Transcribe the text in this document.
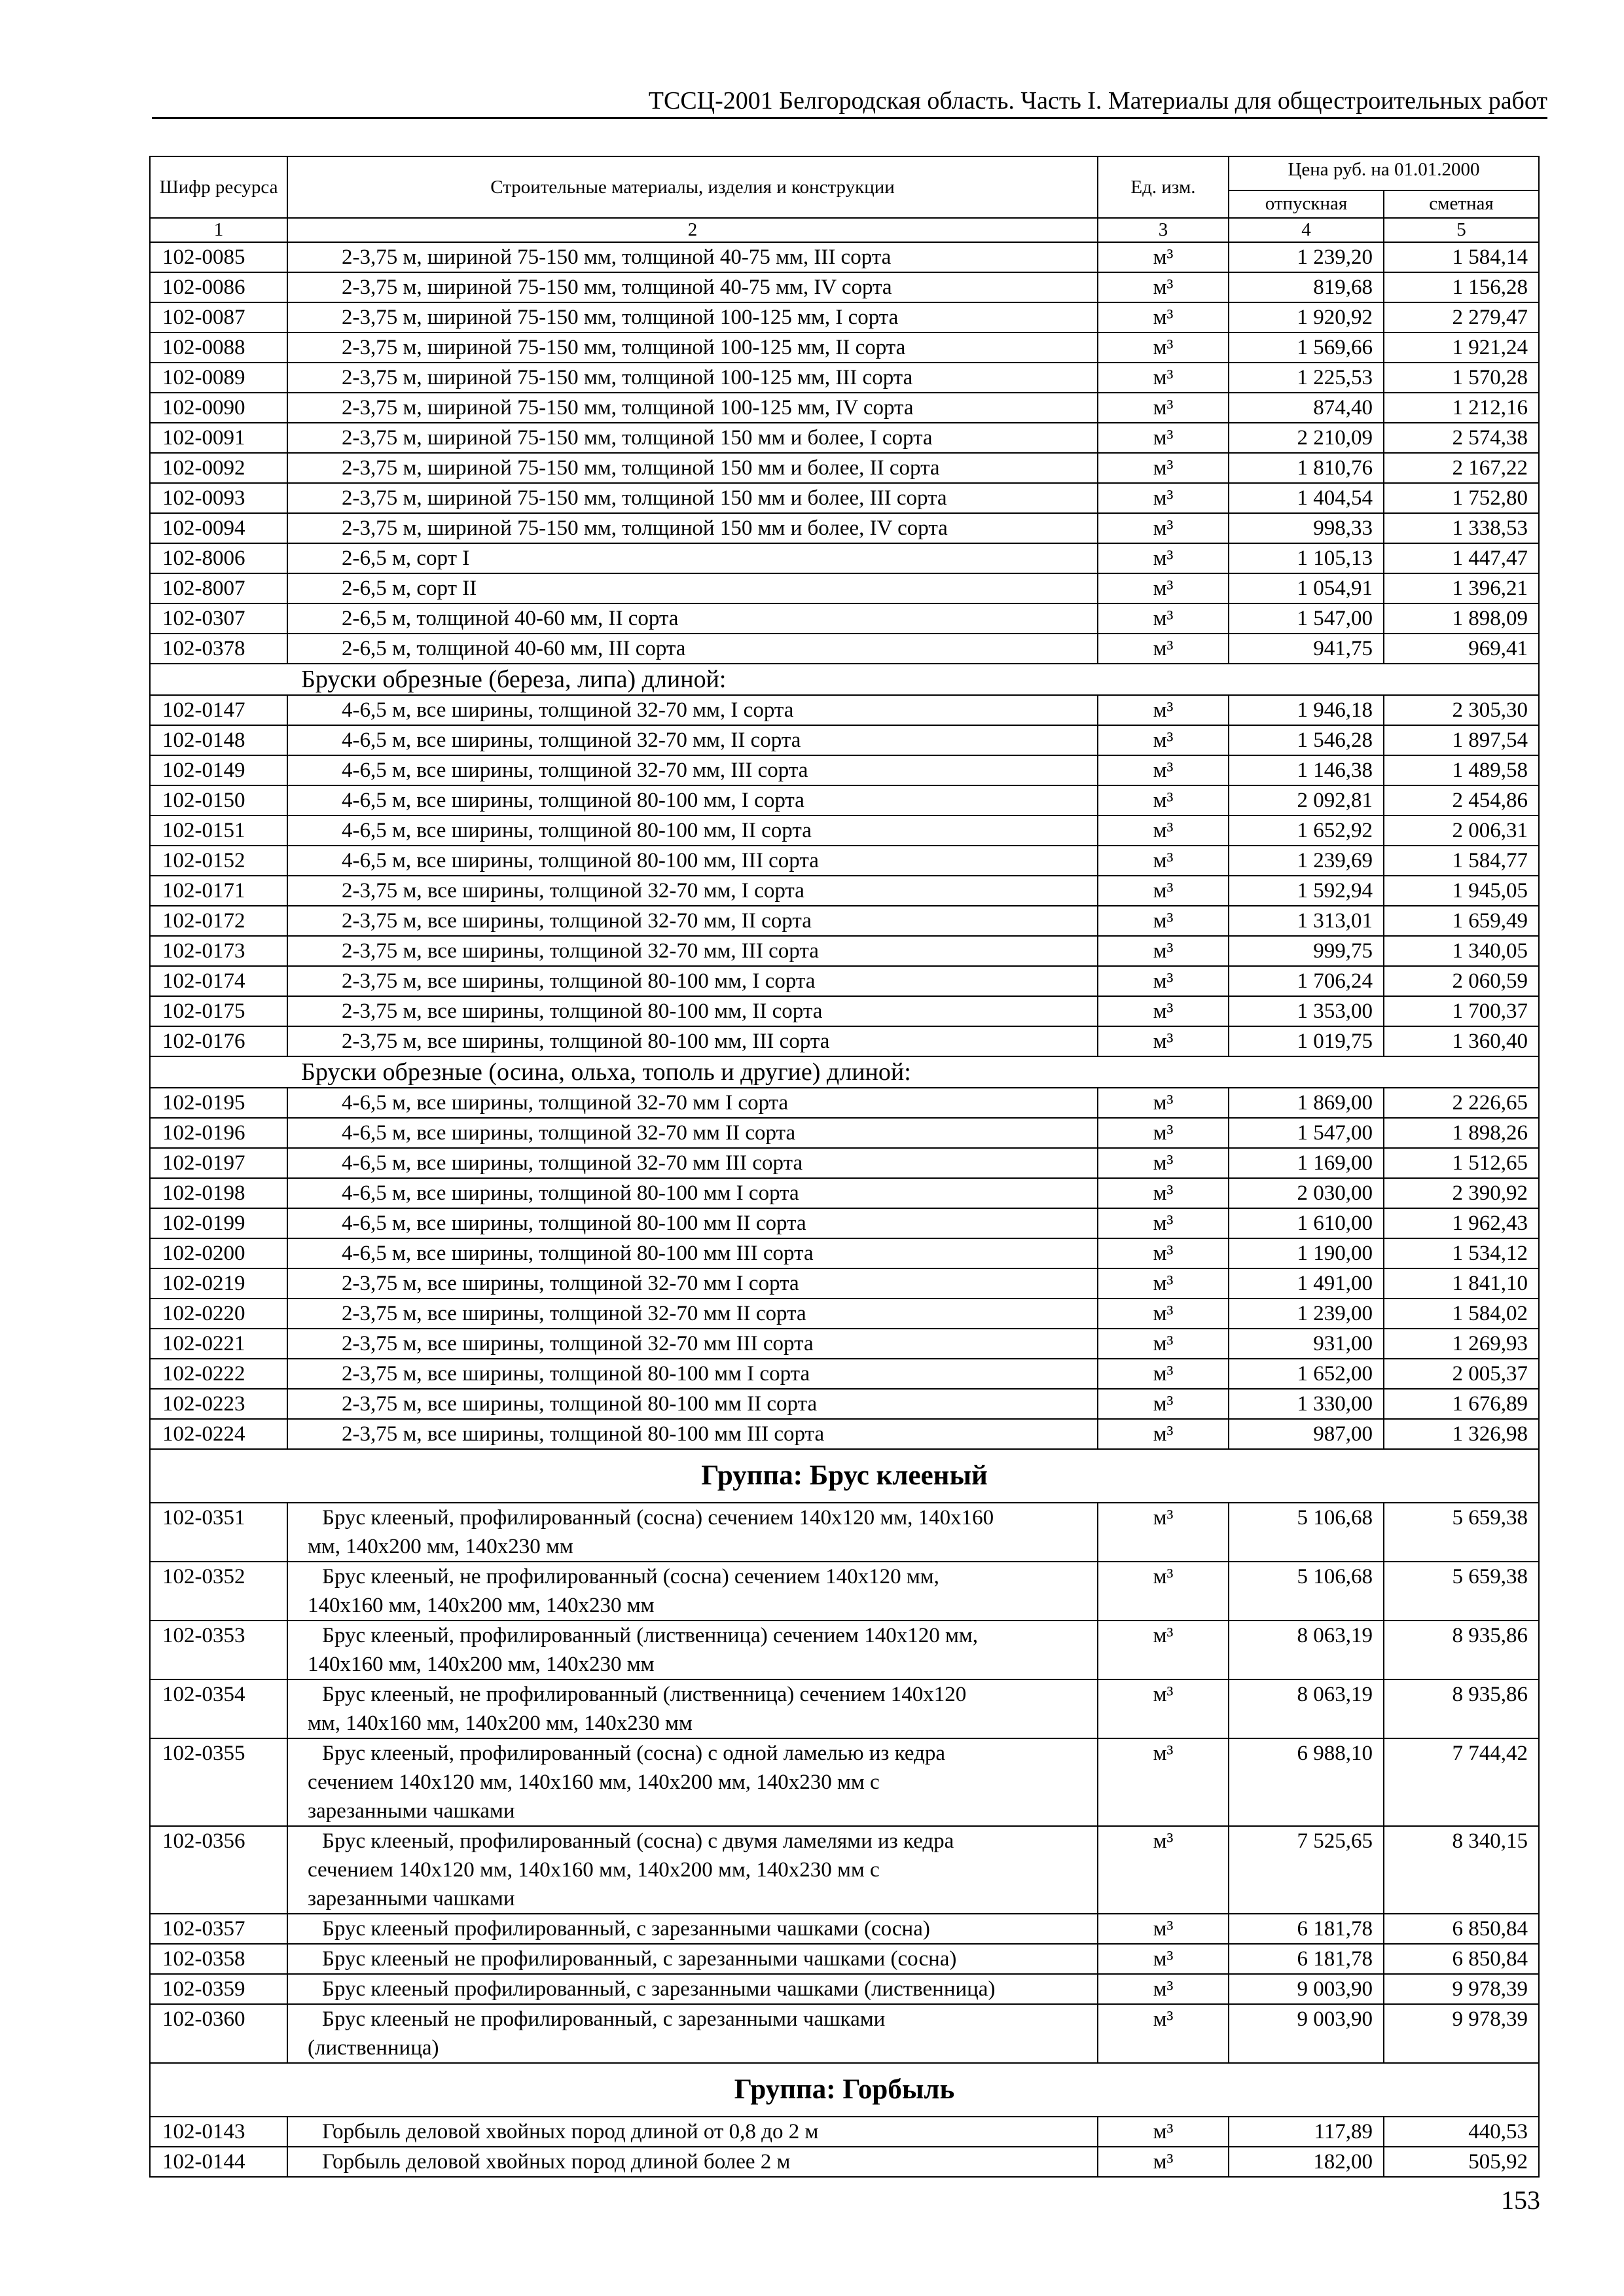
ТССЦ-2001 Белгородская область. Часть I. Материалы для общестроительных работ
Шифр ресурса	Строительные материалы, изделия и конструкции	Ед. изм.	Цена руб. на 01.01.2000	
			отпускная	сметная
1	2	3	4	5
102-0085	2-3,75 м, шириной 75-150 мм, толщиной 40-75 мм, III сорта	м³	1 239,20	1 584,14
102-0086	2-3,75 м, шириной 75-150 мм, толщиной 40-75 мм, IV сорта	м³	819,68	1 156,28
102-0087	2-3,75 м, шириной 75-150 мм, толщиной 100-125 мм, I сорта	м³	1 920,92	2 279,47
102-0088	2-3,75 м, шириной 75-150 мм, толщиной 100-125 мм, II сорта	м³	1 569,66	1 921,24
102-0089	2-3,75 м, шириной 75-150 мм, толщиной 100-125 мм, III сорта	м³	1 225,53	1 570,28
102-0090	2-3,75 м, шириной 75-150 мм, толщиной 100-125 мм, IV сорта	м³	874,40	1 212,16
102-0091	2-3,75 м, шириной 75-150 мм, толщиной 150 мм и более, I сорта	м³	2 210,09	2 574,38
102-0092	2-3,75 м, шириной 75-150 мм, толщиной 150 мм и более, II сорта	м³	1 810,76	2 167,22
102-0093	2-3,75 м, шириной 75-150 мм, толщиной 150 мм и более, III сорта	м³	1 404,54	1 752,80
102-0094	2-3,75 м, шириной 75-150 мм, толщиной 150 мм и более, IV сорта	м³	998,33	1 338,53
102-8006	2-6,5 м, сорт I	м³	1 105,13	1 447,47
102-8007	2-6,5 м, сорт II	м³	1 054,91	1 396,21
102-0307	2-6,5 м, толщиной 40-60 мм, II сорта	м³	1 547,00	1 898,09
102-0378	2-6,5 м, толщиной 40-60 мм, III сорта	м³	941,75	969,41
Бруски обрезные (береза, липа) длиной:				
102-0147	4-6,5 м, все ширины, толщиной 32-70 мм, I сорта	м³	1 946,18	2 305,30
102-0148	4-6,5 м, все ширины, толщиной 32-70 мм, II сорта	м³	1 546,28	1 897,54
102-0149	4-6,5 м, все ширины, толщиной 32-70 мм, III сорта	м³	1 146,38	1 489,58
102-0150	4-6,5 м, все ширины, толщиной 80-100 мм, I сорта	м³	2 092,81	2 454,86
102-0151	4-6,5 м, все ширины, толщиной 80-100 мм, II сорта	м³	1 652,92	2 006,31
102-0152	4-6,5 м, все ширины, толщиной 80-100 мм, III сорта	м³	1 239,69	1 584,77
102-0171	2-3,75 м, все ширины, толщиной 32-70 мм, I сорта	м³	1 592,94	1 945,05
102-0172	2-3,75 м, все ширины, толщиной 32-70 мм, II сорта	м³	1 313,01	1 659,49
102-0173	2-3,75 м, все ширины, толщиной 32-70 мм, III сорта	м³	999,75	1 340,05
102-0174	2-3,75 м, все ширины, толщиной 80-100 мм, I сорта	м³	1 706,24	2 060,59
102-0175	2-3,75 м, все ширины, толщиной 80-100 мм, II сорта	м³	1 353,00	1 700,37
102-0176	2-3,75 м, все ширины, толщиной 80-100 мм, III сорта	м³	1 019,75	1 360,40
Бруски обрезные (осина, ольха, тополь и другие) длиной:				
102-0195	4-6,5 м, все ширины, толщиной 32-70 мм I сорта	м³	1 869,00	2 226,65
102-0196	4-6,5 м, все ширины, толщиной 32-70 мм II сорта	м³	1 547,00	1 898,26
102-0197	4-6,5 м, все ширины, толщиной 32-70 мм III сорта	м³	1 169,00	1 512,65
102-0198	4-6,5 м, все ширины, толщиной 80-100 мм I сорта	м³	2 030,00	2 390,92
102-0199	4-6,5 м, все ширины, толщиной 80-100 мм II сорта	м³	1 610,00	1 962,43
102-0200	4-6,5 м, все ширины, толщиной 80-100 мм III сорта	м³	1 190,00	1 534,12
102-0219	2-3,75 м, все ширины, толщиной 32-70 мм I сорта	м³	1 491,00	1 841,10
102-0220	2-3,75 м, все ширины, толщиной 32-70 мм II сорта	м³	1 239,00	1 584,02
102-0221	2-3,75 м, все ширины, толщиной 32-70 мм III сорта	м³	931,00	1 269,93
102-0222	2-3,75 м, все ширины, толщиной 80-100 мм I сорта	м³	1 652,00	2 005,37
102-0223	2-3,75 м, все ширины, толщиной 80-100 мм II сорта	м³	1 330,00	1 676,89
102-0224	2-3,75 м, все ширины, толщиной 80-100 мм III сорта	м³	987,00	1 326,98
Группа: Брус клееный				
102-0351	Брус клееный, профилированный (сосна) сечением 140х120 мм, 140х160
мм, 140х200 мм, 140х230 мм	м³	5 106,68	5 659,38
102-0352	Брус клееный, не профилированный (сосна) сечением 140х120 мм,
140х160 мм, 140х200 мм, 140х230 мм	м³	5 106,68	5 659,38
102-0353	Брус клееный, профилированный (лиственница) сечением 140х120 мм,
140х160 мм, 140х200 мм, 140х230 мм	м³	8 063,19	8 935,86
102-0354	Брус клееный, не профилированный (лиственница) сечением 140х120
мм, 140х160 мм, 140х200 мм, 140х230 мм	м³	8 063,19	8 935,86
102-0355	Брус клееный, профилированный (сосна) с одной ламелью из кедра
сечением 140х120 мм, 140х160 мм, 140х200 мм, 140х230 мм с
зарезанными чашками	м³	6 988,10	7 744,42
102-0356	Брус клееный, профилированный (сосна) с двумя ламелями из кедра
сечением 140х120 мм, 140х160 мм, 140х200 мм, 140х230 мм с
зарезанными чашками	м³	7 525,65	8 340,15
102-0357	Брус клееный профилированный, с зарезанными чашками (сосна)	м³	6 181,78	6 850,84
102-0358	Брус клееный не профилированный, с зарезанными чашками (сосна)	м³	6 181,78	6 850,84
102-0359	Брус клееный профилированный, с зарезанными чашками (лиственница)	м³	9 003,90	9 978,39
102-0360	Брус клееный не профилированный, с зарезанными чашками
(лиственница)	м³	9 003,90	9 978,39
Группа: Горбыль				
102-0143	Горбыль деловой хвойных пород длиной от 0,8 до 2 м	м³	117,89	440,53
102-0144	Горбыль деловой хвойных пород длиной более 2 м	м³	182,00	505,92
153
